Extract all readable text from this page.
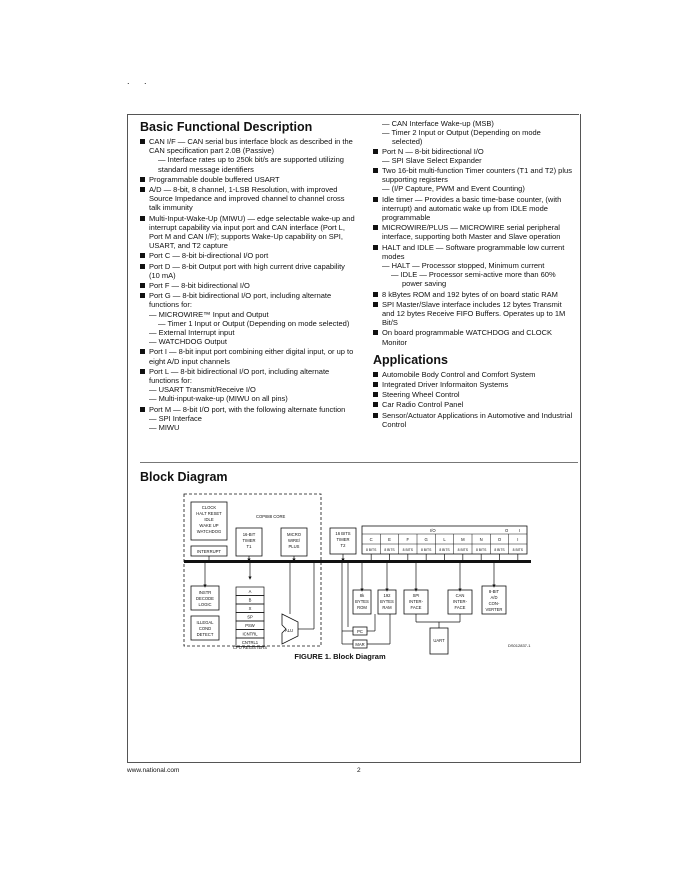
. .
Basic Functional Description
CAN I/F — CAN serial bus interface block as described in the CAN specification part 2.0B (Passive)
— Interface rates up to 250k bit/s are supported utilizing standard message identifiers
Programmable double buffered USART
A/D — 8-bit, 8 channel, 1-LSB Resolution, with improved Source Impedance and improved channel to channel cross talk immunity
Multi-Input-Wake-Up (MIWU) — edge selectable wake-up and interrupt capability via input port and CAN interface (Port L, Port M and CAN I/F); supports Wake-Up capability on SPI, USART, and T2 capture
Port C — 8-bit bi-directional I/O port
Port D — 8-bit Output port with high current drive capability (10 mA)
Port F — 8-bit bidirectional I/O
Port G — 8-bit bidirectional I/O port, including alternate functions for:
— MICROWIRE™ Input and Output
— Timer 1 Input or Output (Depending on mode selected)
— External Interrupt input
— WATCHDOG Output
Port I — 8-bit input port combining either digital input, or up to eight A/D input channels
Port L — 8-bit bidirectional I/O port, including alternate functions for:
— USART Transmit/Receive I/O
— Multi-input-wake-up (MIWU on all pins)
Port M — 8-bit I/O port, with the following alternate function
— SPI Interface
— MIWU
— CAN Interface Wake-up (MSB)
— Timer 2 Input or Output (Depending on mode selected)
Port N — 8-bit bidirectional I/O
— SPI Slave Select Expander
Two 16-bit multi-function Timer counters (T1 and T2) plus supporting registers
— (I/P Capture, PWM and Event Counting)
Idle timer — Provides a basic time-base counter, (with interrupt) and automatic wake up from IDLE mode programmable
MICROWIRE/PLUS — MICROWIRE serial peripheral interface, supporting both Master and Slave operation
HALT and IDLE — Software programmable low current modes
— HALT — Processor stopped, Minimum current
— IDLE — Processor semi-active more than 60% power saving
8 kBytes ROM and 192 bytes of on board static RAM
SPI Master/Slave interface includes 12 bytes Transmit and 12 bytes Receive FIFO Buffers. Operates up to 1M Bit/S
On board programmable WATCHDOG and CLOCK Monitor
Applications
Automobile Body Control and Comfort System
Integrated Driver Informaiton Systems
Steering Wheel Control
Car Radio Control Panel
Sensor/Actuator Applications in Automotive and Industrial Control
Block Diagram
COP888 CORE
CLOCK
HALT RESET
IDLE
WAKE UP
WATCHDOG
INTERRUPT
16-BIT
TIMER
T1
MICRO
WIRE/
PLUS
16 BITS
TIMER
T2
I/O	O	I
C
8 BITS
E
8 BITS
F
8 BITS
G
8 BITS
L
8 BITS
M
8 BITS
N
8 BITS
O
8 BITS
I
8 BITS
INSTR
DECODE
LOGIC
ILLEGAL
COND
DETECT
A
B
X
SP
PSW
ICNTRL
CNTRL1
CPU REGISTERS
ALU
8k
BYTES
ROM
192
BYTES
RAM
SPI
INTER-
FACE
CAN
INTER-
FACE
8-BIT
A/D
CON-
VERTER
PC
MAR
UART
DS012837-1
FIGURE 1. Block Diagram
www.national.com	2
